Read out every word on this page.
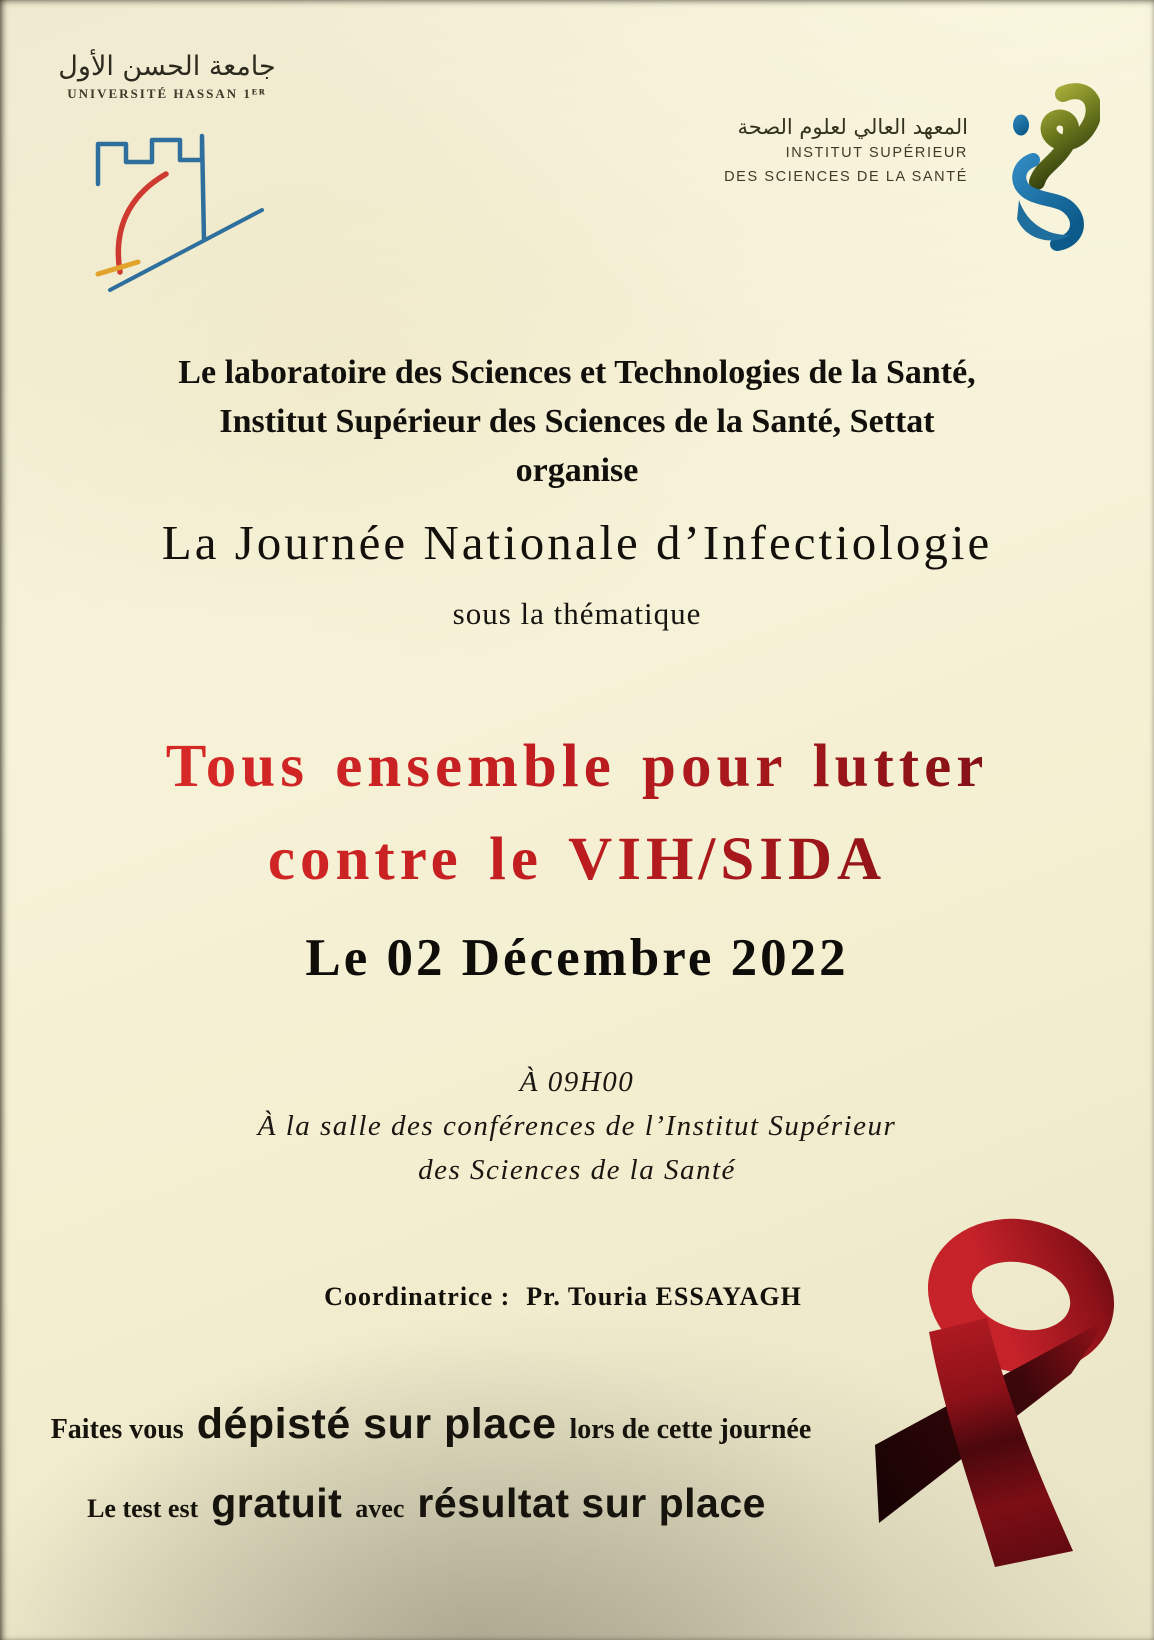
جامعة الحسن الأول
UNIVERSITÉ HASSAN 1ᴱᴿ
المعهد العالي لعلوم الصحة
INSTITUT SUPÉRIEUR
DES SCIENCES DE LA SANTÉ
Le laboratoire des Sciences et Technologies de la Santé,
Institut Supérieur des Sciences de la Santé, Settat
organise
La Journée Nationale d’Infectiologie
sous la thématique
Tous ensemble pour lutter
contre le VIH/SIDA
Le 02 Décembre 2022
À 09H00
À la salle des conférences de l’Institut Supérieur
des Sciences de la Santé
Coordinatrice : Pr. Touria ESSAYAGH
Faites vous dépisté sur place lors de cette journée
Le test est gratuit avec résultat sur place
